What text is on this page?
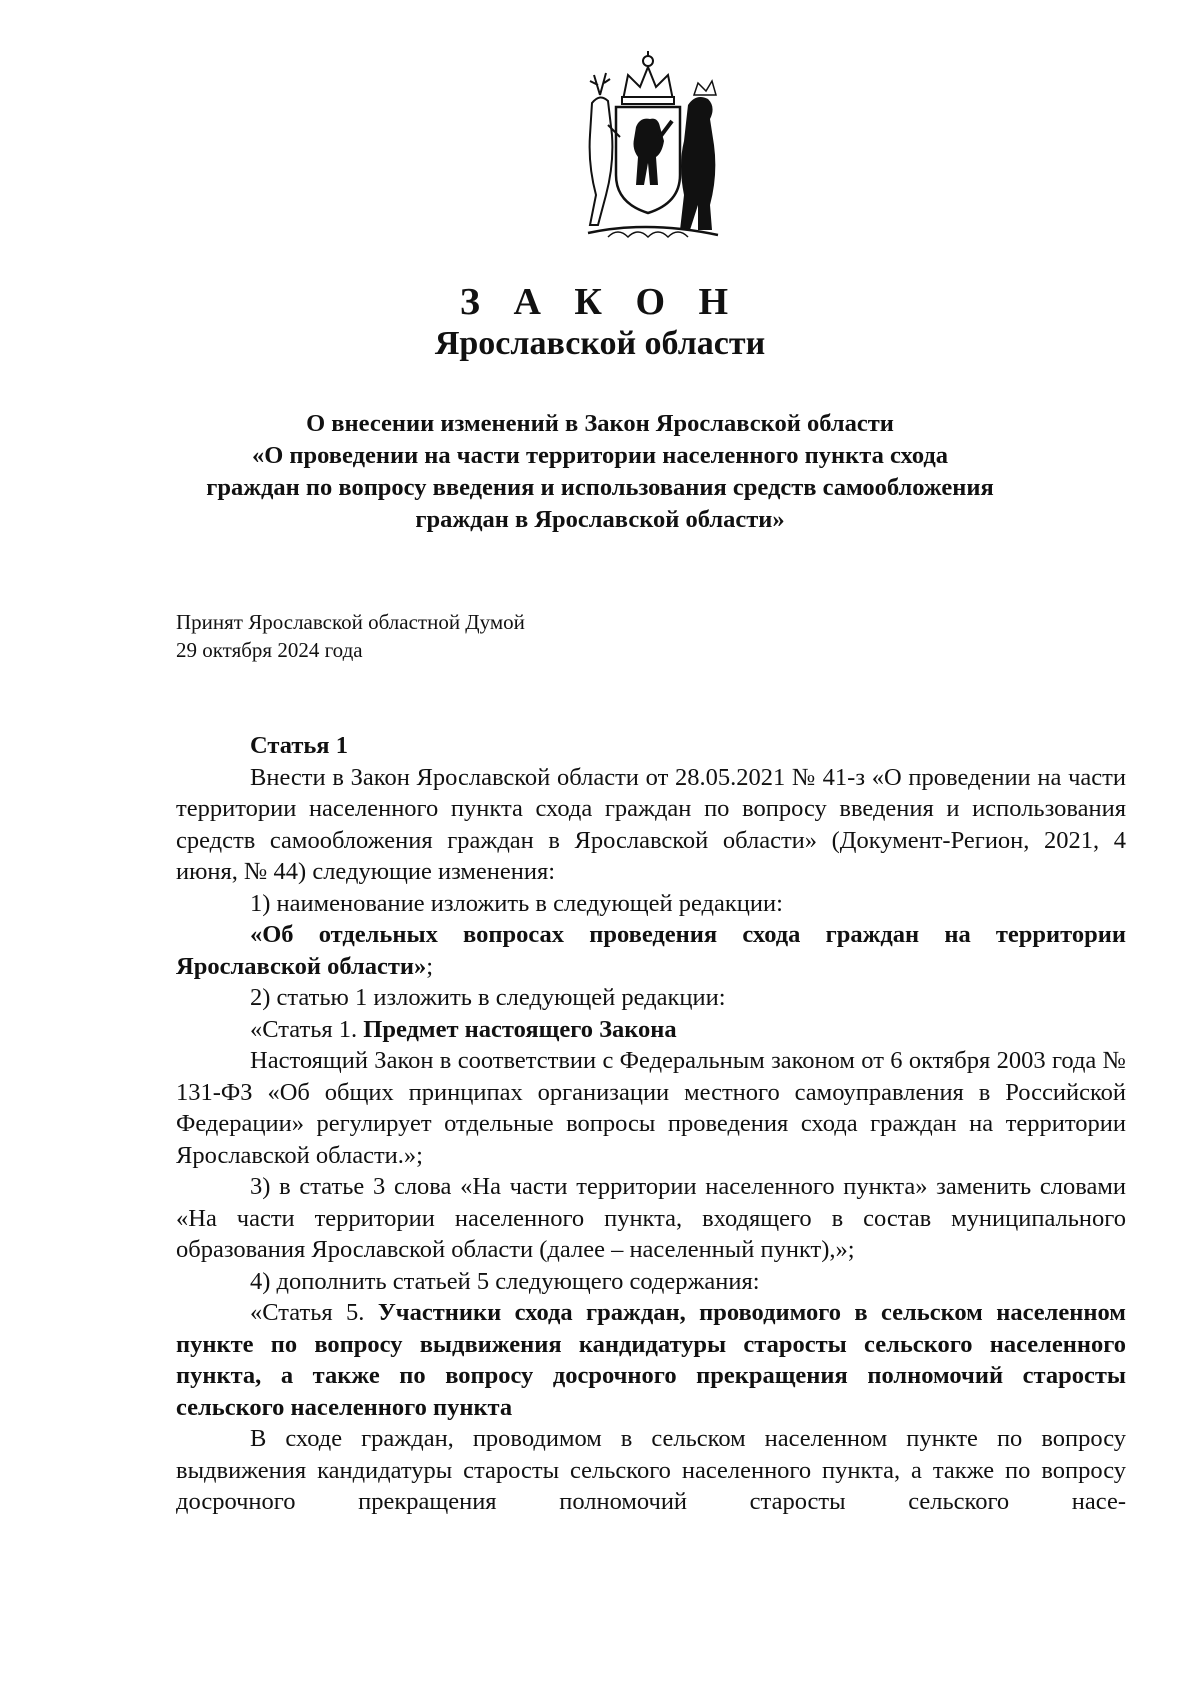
З А К О Н
Ярославской области
О внесении изменений в Закон Ярославской области
«О проведении на части территории населенного пункта схода
граждан по вопросу введения и использования средств самообложения
граждан в Ярославской области»
Принят Ярославской областной Думой
29 октября 2024 года

Статья 1

Внести в Закон Ярославской области от 28.05.2021 № 41-з «О проведении на части территории населенного пункта схода граждан по вопросу введения и использования средств самообложения граждан в Ярославской области» (Документ-Регион, 2021, 4 июня, № 44) следующие изменения:

1) наименование изложить в следующей редакции:

«Об отдельных вопросах проведения схода граждан на территории Ярославской области»;

2) статью 1 изложить в следующей редакции:

«Статья 1. Предмет настоящего Закона

Настоящий Закон в соответствии с Федеральным законом от 6 октября 2003 года № 131-ФЗ «Об общих принципах организации местного самоуправления в Российской Федерации» регулирует отдельные вопросы проведения схода граждан на территории Ярославской области.»;

3) в статье 3 слова «На части территории населенного пункта» заменить словами «На части территории населенного пункта, входящего в состав муниципального образования Ярославской области (далее – населенный пункт),»;

4) дополнить статьей 5 следующего содержания:

«Статья 5. Участники схода граждан, проводимого в сельском населенном пункте по вопросу выдвижения кандидатуры старосты сельского населенного пункта, а также по вопросу досрочного прекращения полномочий старосты сельского населенного пункта

В сходе граждан, проводимом в сельском населенном пункте по вопросу выдвижения кандидатуры старосты сельского населенного пункта, а также по вопросу досрочного прекращения полномочий старосты сельского насе-
